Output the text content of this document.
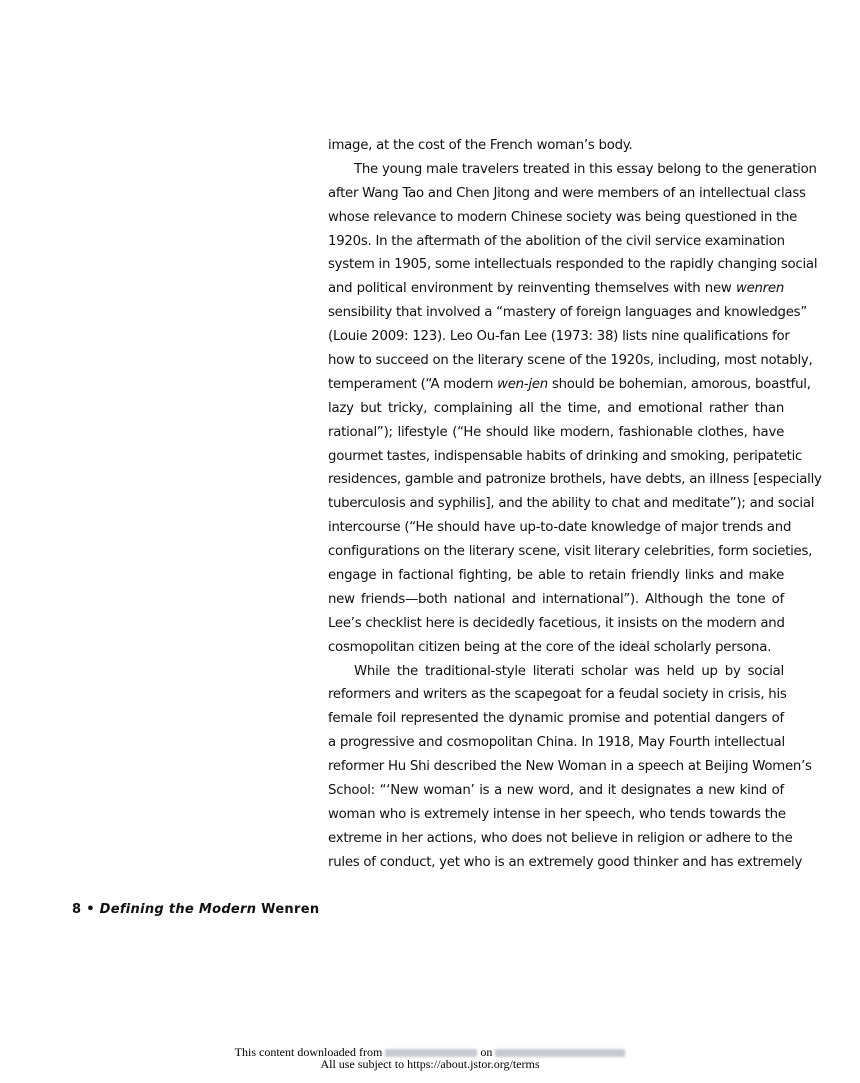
image, at the cost of the French woman’s body.
The young male travelers treated in this essay belong to the generation
after Wang Tao and Chen Jitong and were members of an intellectual class
whose relevance to modern Chinese society was being questioned in the
1920s. In the aftermath of the abolition of the civil service examination
system in 1905, some intellectuals responded to the rapidly changing social
and political environment by reinventing themselves with new wenren
sensibility that involved a “mastery of foreign languages and knowledges”
(Louie 2009: 123). Leo Ou-fan Lee (1973: 38) lists nine qualifications for
how to succeed on the literary scene of the 1920s, including, most notably,
temperament (“A modern wen-jen should be bohemian, amorous, boastful,
lazy but tricky, complaining all the time, and emotional rather than
rational”); lifestyle (“He should like modern, fashionable clothes, have
gourmet tastes, indispensable habits of drinking and smoking, peripatetic
residences, gamble and patronize brothels, have debts, an illness [especially
tuberculosis and syphilis], and the ability to chat and meditate”); and social
intercourse (“He should have up-to-date knowledge of major trends and
configurations on the literary scene, visit literary celebrities, form societies,
engage in factional fighting, be able to retain friendly links and make
new friends—both national and international”). Although the tone of
Lee’s checklist here is decidedly facetious, it insists on the modern and
cosmopolitan citizen being at the core of the ideal scholarly persona.
While the traditional-style literati scholar was held up by social
reformers and writers as the scapegoat for a feudal society in crisis, his
female foil represented the dynamic promise and potential dangers of
a progressive and cosmopolitan China. In 1918, May Fourth intellectual
reformer Hu Shi described the New Woman in a speech at Beijing Women’s
School: “‘New woman’ is a new word, and it designates a new kind of
woman who is extremely intense in her speech, who tends towards the
extreme in her actions, who does not believe in religion or adhere to the
rules of conduct, yet who is an extremely good thinker and has extremely
8 • Defining the Modern Wenren
This content downloaded from	on
All use subject to https://about.jstor.org/terms
